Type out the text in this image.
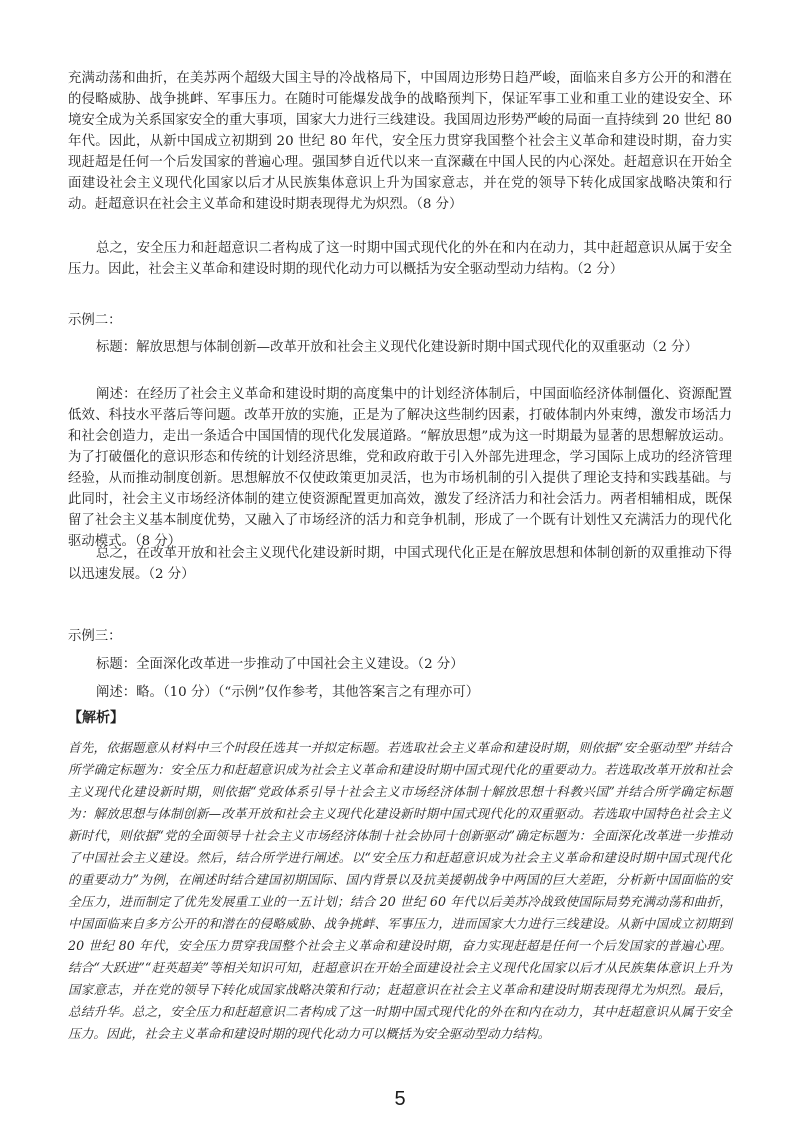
充满动荡和曲折，在美苏两个超级大国主导的冷战格局下，中国周边形势日趋严峻，面临来自多方公开的和潜在的侵略威胁、战争挑衅、军事压力。在随时可能爆发战争的战略预判下，保证军事工业和重工业的建设安全、环境安全成为关系国家安全的重大事项，国家大力进行三线建设。我国周边形势严峻的局面一直持续到 20 世纪 80 年代。因此，从新中国成立初期到 20 世纪 80 年代，安全压力贯穿我国整个社会主义革命和建设时期，奋力实现赶超是任何一个后发国家的普遍心理。强国梦自近代以来一直深藏在中国人民的内心深处。赶超意识在开始全面建设社会主义现代化国家以后才从民族集体意识上升为国家意志，并在党的领导下转化成国家战略决策和行动。赶超意识在社会主义革命和建设时期表现得尤为炽烈。（8 分）

总之，安全压力和赶超意识二者构成了这一时期中国式现代化的外在和内在动力，其中赶超意识从属于安全压力。因此，社会主义革命和建设时期的现代化动力可以概括为安全驱动型动力结构。（2 分）

示例二：

标题：解放思想与体制创新—改革开放和社会主义现代化建设新时期中国式现代化的双重驱动（2 分）

阐述：在经历了社会主义革命和建设时期的高度集中的计划经济体制后，中国面临经济体制僵化、资源配置低效、科技水平落后等问题。改革开放的实施，正是为了解决这些制约因素，打破体制内外束缚，激发市场活力和社会创造力，走出一条适合中国国情的现代化发展道路。“解放思想”成为这一时期最为显著的思想解放运动。为了打破僵化的意识形态和传统的计划经济思维，党和政府敢于引入外部先进理念，学习国际上成功的经济管理经验，从而推动制度创新。思想解放不仅使政策更加灵活，也为市场机制的引入提供了理论支持和实践基础。与此同时，社会主义市场经济体制的建立使资源配置更加高效，激发了经济活力和社会活力。两者相辅相成，既保留了社会主义基本制度优势，又融入了市场经济的活力和竞争机制，形成了一个既有计划性又充满活力的现代化驱动模式。（8 分）

总之，在改革开放和社会主义现代化建设新时期，中国式现代化正是在解放思想和体制创新的双重推动下得以迅速发展。（2 分）

示例三：

标题：全面深化改革进一步推动了中国社会主义建设。（2 分）

阐述：略。（10 分）（“示例”仅作参考，其他答案言之有理亦可）

【解析】

首先，依据题意从材料中三个时段任选其一并拟定标题。若选取社会主义革命和建设时期，则依据“安全驱动型”并结合所学确定标题为：安全压力和赶超意识成为社会主义革命和建设时期中国式现代化的重要动力。若选取改革开放和社会主义现代化建设新时期，则依据“党政体系引导十社会主义市场经济体制十解放思想十科教兴国”并结合所学确定标题为：解放思想与体制创新—改革开放和社会主义现代化建设新时期中国式现代化的双重驱动。若选取中国特色社会主义新时代，则依据“党的全面领导十社会主义市场经济体制十社会协同十创新驱动”确定标题为：全面深化改革进一步推动了中国社会主义建设。然后，结合所学进行阐述。以“安全压力和赶超意识成为社会主义革命和建设时期中国式现代化的重要动力”为例，在阐述时结合建国初期国际、国内背景以及抗美援朝战争中两国的巨大差距，分析新中国面临的安全压力，进而制定了优先发展重工业的一五计划；结合 20 世纪 60 年代以后美苏冷战致使国际局势充满动荡和曲折，中国面临来自多方公开的和潜在的侵略威胁、战争挑衅、军事压力，进而国家大力进行三线建设。从新中国成立初期到 20 世纪 80 年代，安全压力贯穿我国整个社会主义革命和建设时期，奋力实现赶超是任何一个后发国家的普遍心理。结合“大跃进”“赶英超美”等相关知识可知，赶超意识在开始全面建设社会主义现代化国家以后才从民族集体意识上升为国家意志，并在党的领导下转化成国家战略决策和行动；赶超意识在社会主义革命和建设时期表现得尤为炽烈。最后，总结升华。总之，安全压力和赶超意识二者构成了这一时期中国式现代化的外在和内在动力，其中赶超意识从属于安全压力。因此，社会主义革命和建设时期的现代化动力可以概括为安全驱动型动力结构。

5
